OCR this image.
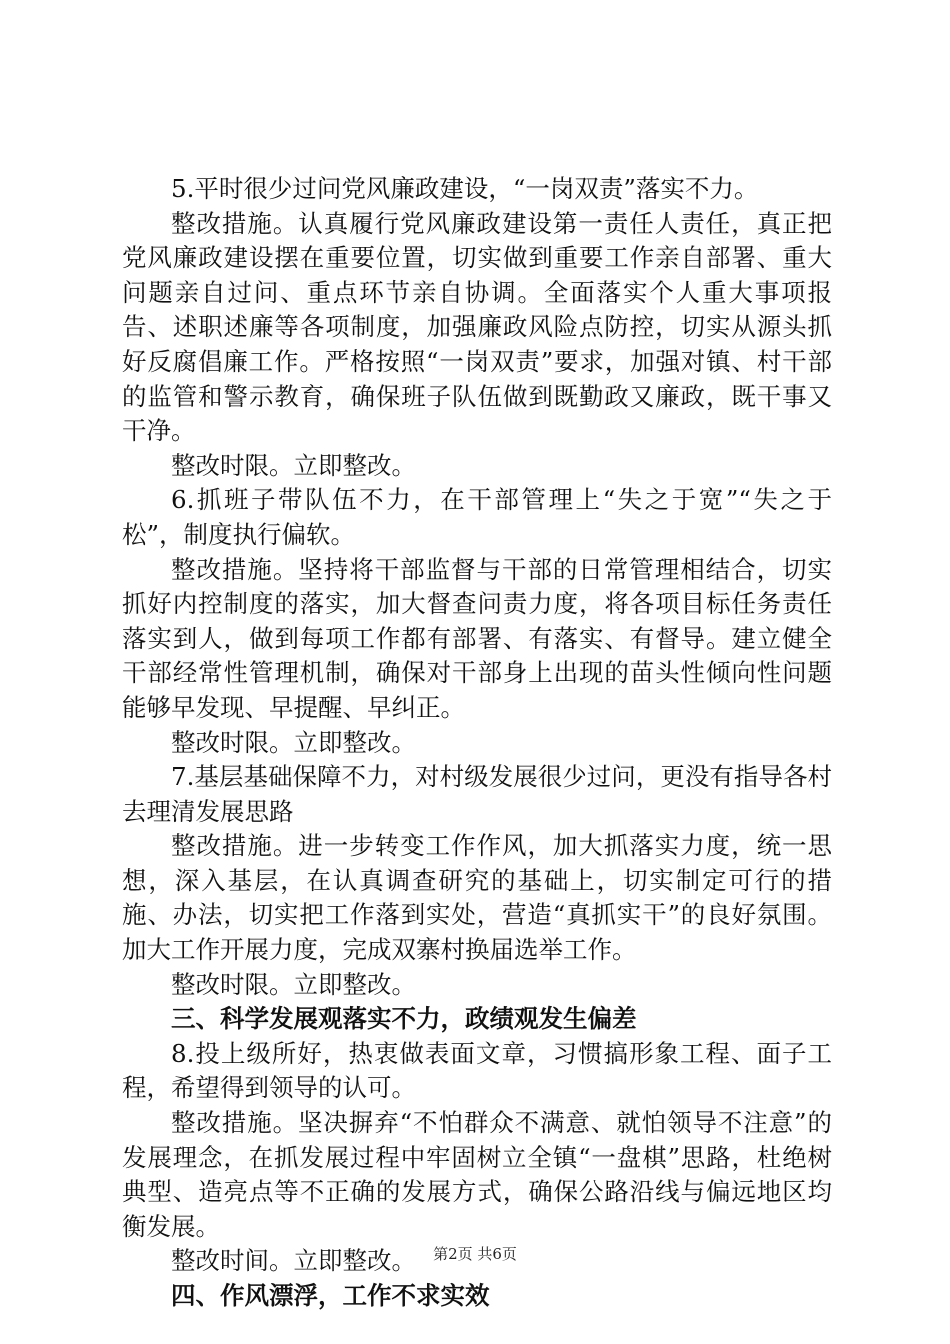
5.平时很少过问党风廉政建设，“一岗双责”落实不力。

整改措施。认真履行党风廉政建设第一责任人责任，真正把党风廉政建设摆在重要位置，切实做到重要工作亲自部署、重大问题亲自过问、重点环节亲自协调。全面落实个人重大事项报告、述职述廉等各项制度，加强廉政风险点防控，切实从源头抓好反腐倡廉工作。严格按照“一岗双责”要求，加强对镇、村干部的监管和警示教育，确保班子队伍做到既勤政又廉政，既干事又干净。

整改时限。立即整改。

6.抓班子带队伍不力，在干部管理上“失之于宽”“失之于松”，制度执行偏软。

整改措施。坚持将干部监督与干部的日常管理相结合，切实抓好内控制度的落实，加大督查问责力度，将各项目标任务责任落实到人，做到每项工作都有部署、有落实、有督导。建立健全干部经常性管理机制，确保对干部身上出现的苗头性倾向性问题能够早发现、早提醒、早纠正。

整改时限。立即整改。

7.基层基础保障不力，对村级发展很少过问，更没有指导各村去理清发展思路

整改措施。进一步转变工作作风，加大抓落实力度，统一思想，深入基层，在认真调查研究的基础上，切实制定可行的措施、办法，切实把工作落到实处，营造“真抓实干”的良好氛围。加大工作开展力度，完成双寨村换届选举工作。

整改时限。立即整改。

三、科学发展观落实不力，政绩观发生偏差

8.投上级所好，热衷做表面文章，习惯搞形象工程、面子工程，希望得到领导的认可。

整改措施。坚决摒弃“不怕群众不满意、就怕领导不注意”的发展理念，在抓发展过程中牢固树立全镇“一盘棋”思路，杜绝树典型、造亮点等不正确的发展方式，确保公路沿线与偏远地区均衡发展。

整改时间。立即整改。

四、作风漂浮，工作不求实效

第2页 共6页
